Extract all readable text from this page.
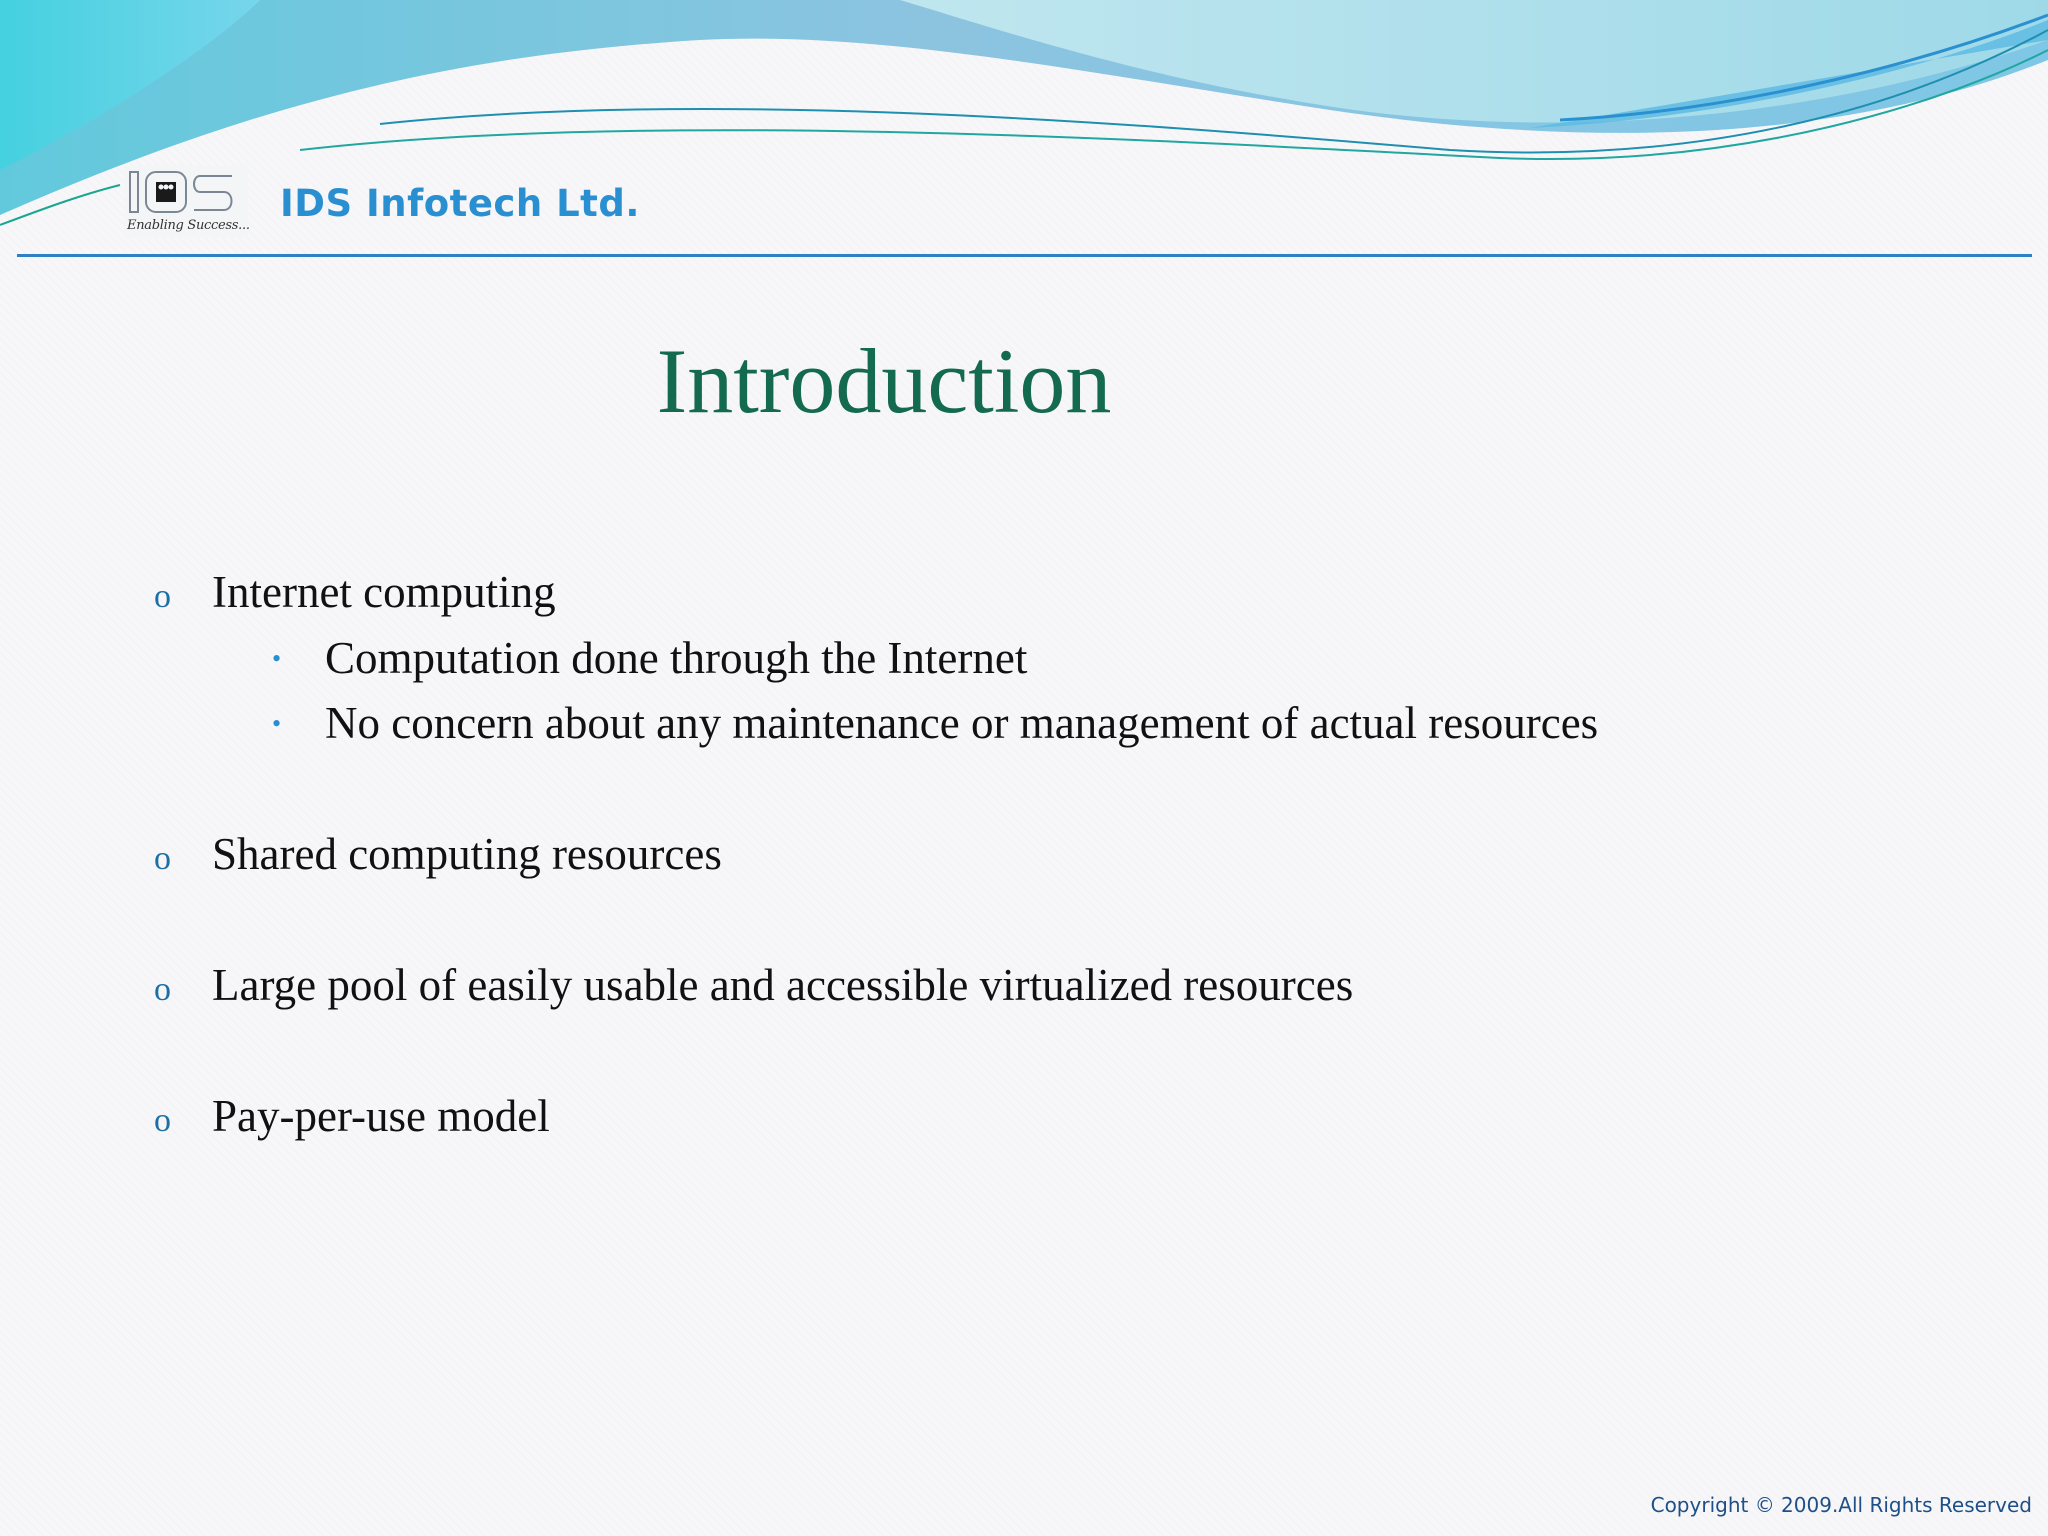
Enabling Success...
IDS Infotech Ltd.
Introduction
o Internet computing
• Computation done through the Internet
• No concern about any maintenance or management of actual resources
o Shared computing resources
o Large pool of easily usable and accessible virtualized resources
o Pay-per-use model
Copyright © 2009.All Rights Reserved
